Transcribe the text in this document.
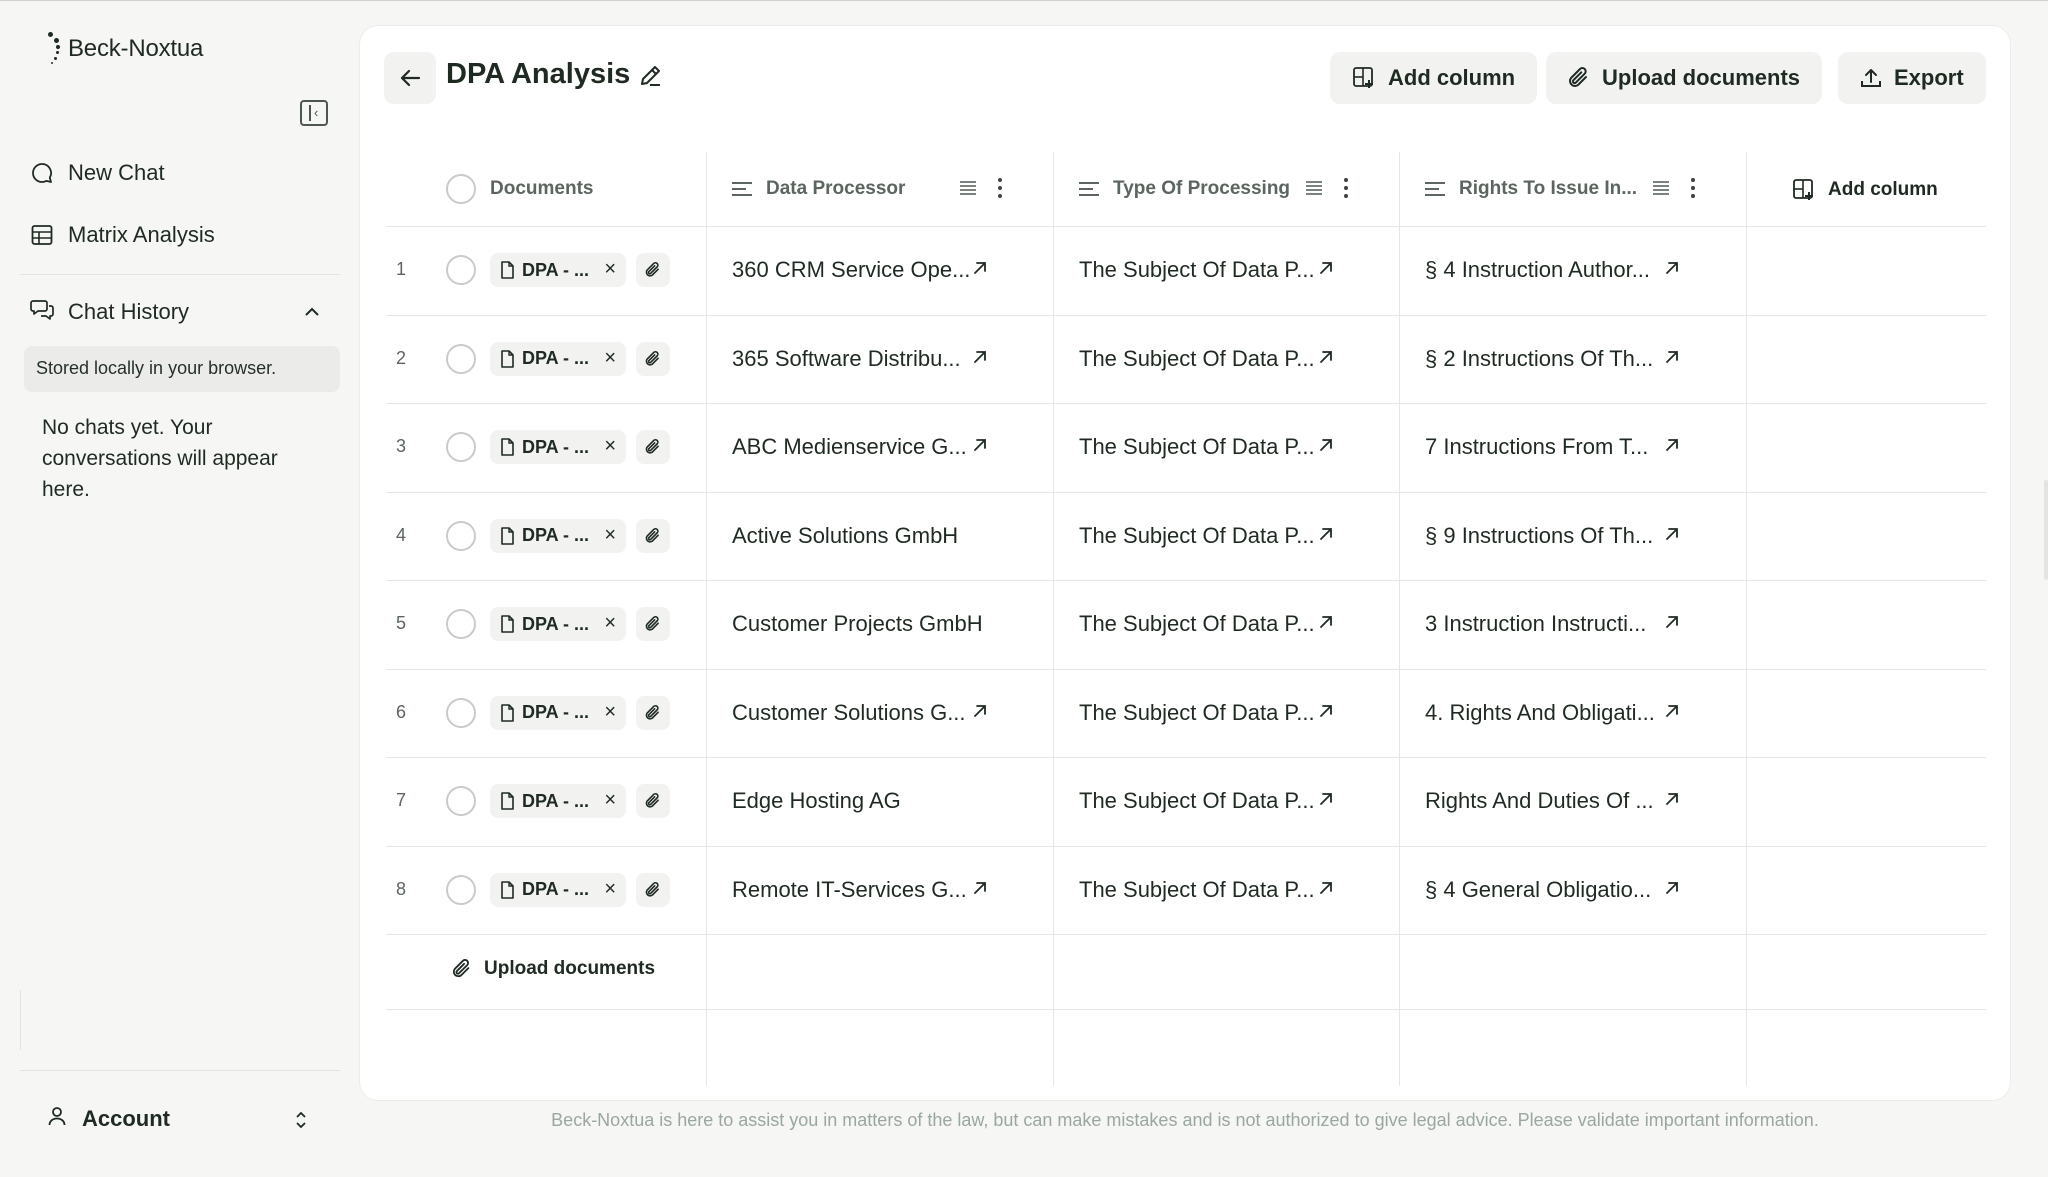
Beck-Noxtua
‹
New Chat
Matrix Analysis
Chat History
Stored locally in your browser.
No chats yet. Your conversations will appear here.
Account
DPA Analysis	Add column	Upload documents	Export
Documents	Data Processor	Type Of Processing	Rights To Issue In...	Add column
1	DPA - ... ×	360 CRM Service Ope...	The Subject Of Data P...	§ 4 Instruction Author...
2	DPA - ... ×	365 Software Distribu...	The Subject Of Data P...	§ 2 Instructions Of Th...
3	DPA - ... ×	ABC Medienservice G...	The Subject Of Data P...	7 Instructions From T...
4	DPA - ... ×	Active Solutions GmbH	The Subject Of Data P...	§ 9 Instructions Of Th...
5	DPA - ... ×	Customer Projects GmbH	The Subject Of Data P...	3 Instruction Instructi...
6	DPA - ... ×	Customer Solutions G...	The Subject Of Data P...	4. Rights And Obligati...
7	DPA - ... ×	Edge Hosting AG	The Subject Of Data P...	Rights And Duties Of ...
8	DPA - ... ×	Remote IT-Services G...	The Subject Of Data P...	§ 4 General Obligatio...
Upload documents
Beck-Noxtua is here to assist you in matters of the law, but can make mistakes and is not authorized to give legal advice. Please validate important information.
